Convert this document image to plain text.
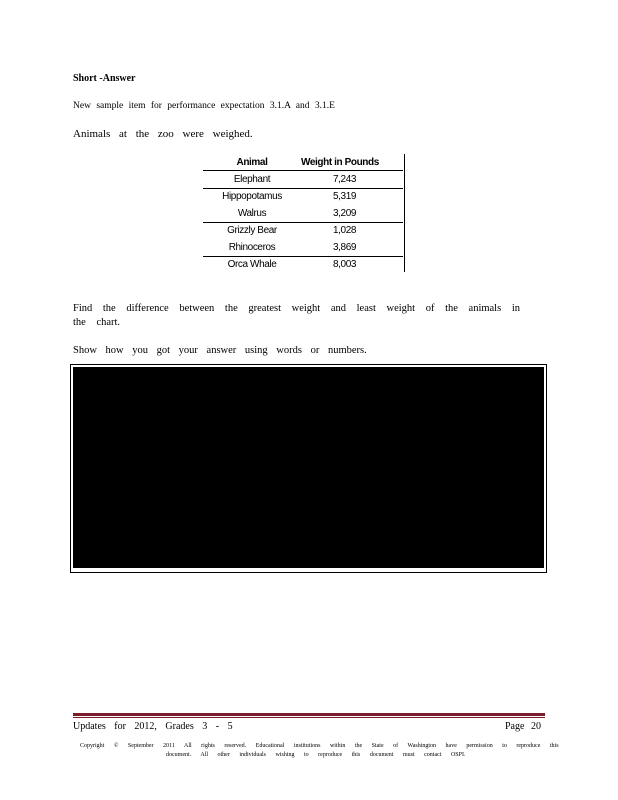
Short -Answer
New sample item for performance expectation 3.1.A and 3.1.E
Animals at the zoo were weighed.
Animal	Weight in Pounds	
Elephant		7,243
Hippopotamus		5,319
Walrus		3,209
Grizzly Bear		1,028
Rhinoceros		3,869
Orca Whale		8,003
Find the difference between the greatest weight and least weight of the animals in
the chart.
Show how you got your answer using words or numbers.
Updates for 2012, Grades 3 - 5	Page 20
Copyright © September 2011 All rights reserved. Educational institutions within the State of Washington have permission to reproduce this
document. All other individuals wishing to reproduce this document must contact OSPI.
